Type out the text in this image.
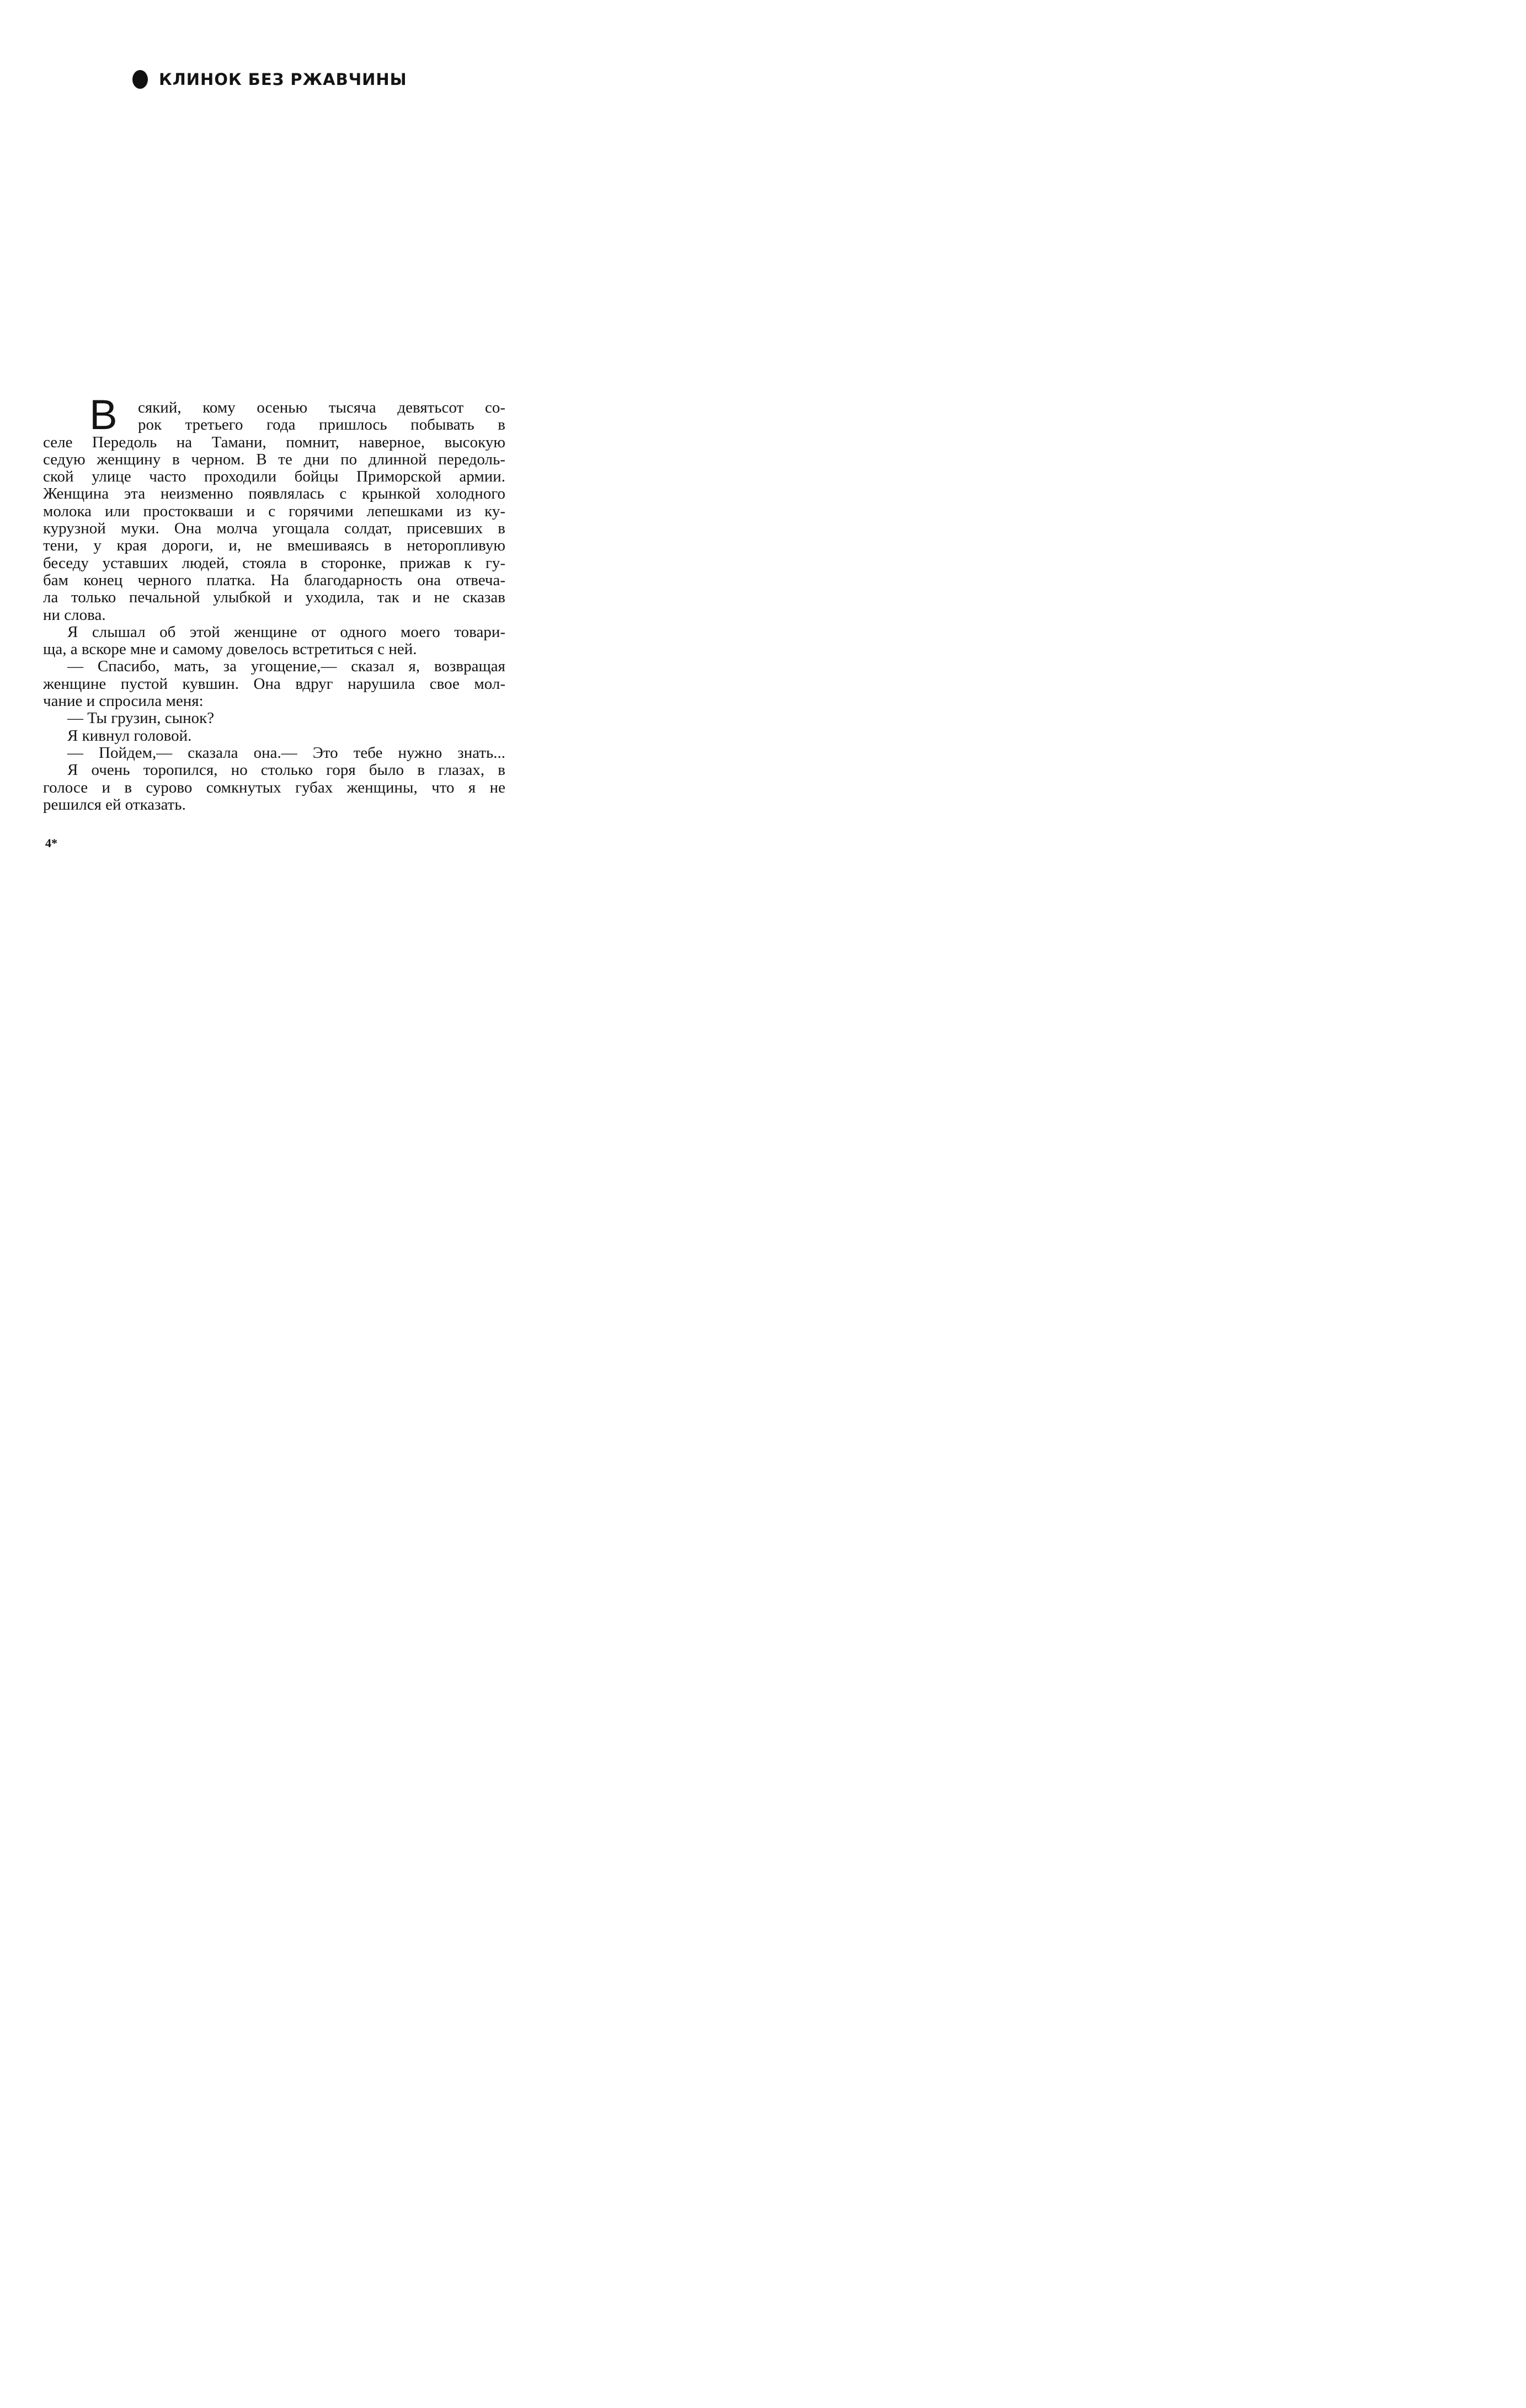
КЛИНОК БЕЗ РЖАВЧИНЫ
В	сякий, кому осенью тысяча девятьсот со-
рок третьего года пришлось побывать в
селе Передоль на Тамани, помнит, наверное, высокую
седую женщину в черном. В те дни по длинной передоль-
ской улице часто проходили бойцы Приморской армии.
Женщина эта неизменно появлялась с крынкой холодного
молока или простокваши и с горячими лепешками из ку-
курузной муки. Она молча угощала солдат, присевших в
тени, у края дороги, и, не вмешиваясь в неторопливую
беседу уставших людей, стояла в сторонке, прижав к гу-
бам конец черного платка. На благодарность она отвеча-
ла только печальной улыбкой и уходила, так и не сказав
ни слова.
Я слышал об этой женщине от одного моего товари-
ща, а вскоре мне и самому довелось встретиться с ней.
— Спасибо, мать, за угощение,— сказал я, возвращая
женщине пустой кувшин. Она вдруг нарушила свое мол-
чание и спросила меня:
— Ты грузин, сынок?
Я кивнул головой.
— Пойдем,— сказала она.— Это тебе нужно знать...
Я очень торопился, но столько горя было в глазах, в
голосе и в сурово сомкнутых губах женщины, что я не
решился ей отказать.
4*
